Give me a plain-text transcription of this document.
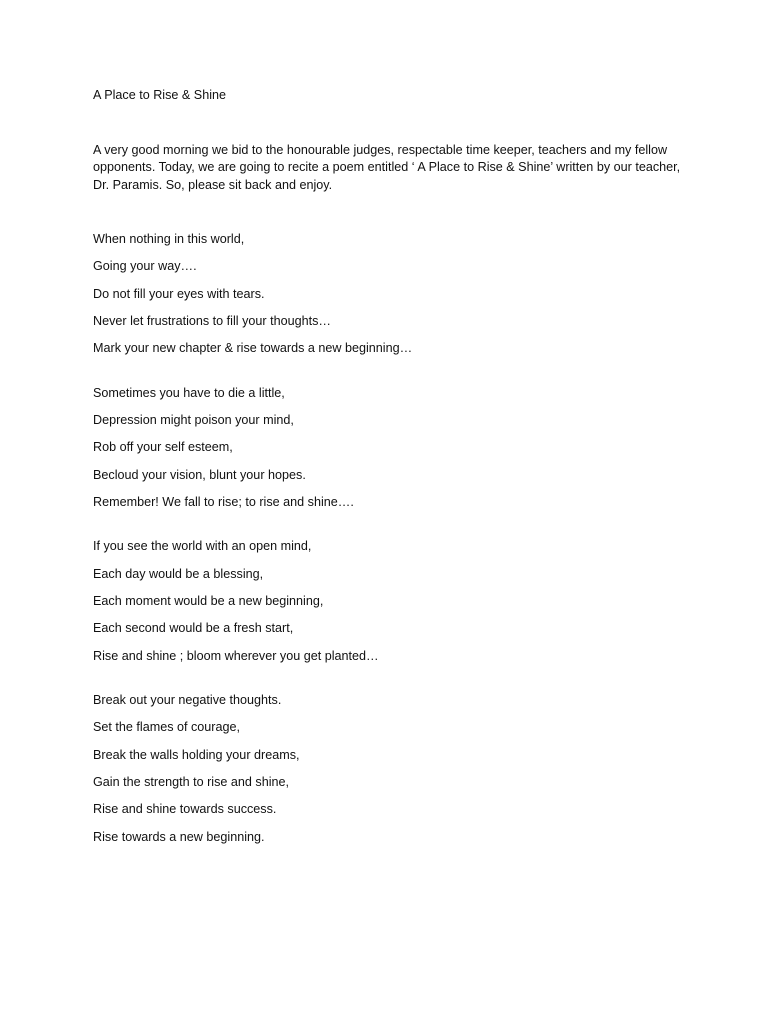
A Place to Rise & Shine

A very good morning we bid to the honourable judges, respectable time keeper, teachers and my fellow opponents. Today, we are going to recite a poem entitled ‘ A Place to Rise & Shine’ written by our teacher, Dr. Paramis. So, please sit back and enjoy.

When nothing in this world,
Going your way….
Do not fill your eyes with tears.
Never let frustrations to fill your thoughts…
Mark your new chapter & rise towards a new beginning…
Sometimes you have to die a little,
Depression might poison your mind,
Rob off your self esteem,
Becloud your vision, blunt your hopes.
Remember! We fall to rise; to rise and shine….
If you see the world with an open mind,
Each day would be a blessing,
Each moment would be a new beginning,
Each second would be a fresh start,
Rise and shine ; bloom wherever you get planted…
Break out your negative thoughts.
Set the flames of courage,
Break the walls holding your dreams,
Gain the strength to rise and shine,
Rise and shine towards success.
Rise towards a new beginning.
